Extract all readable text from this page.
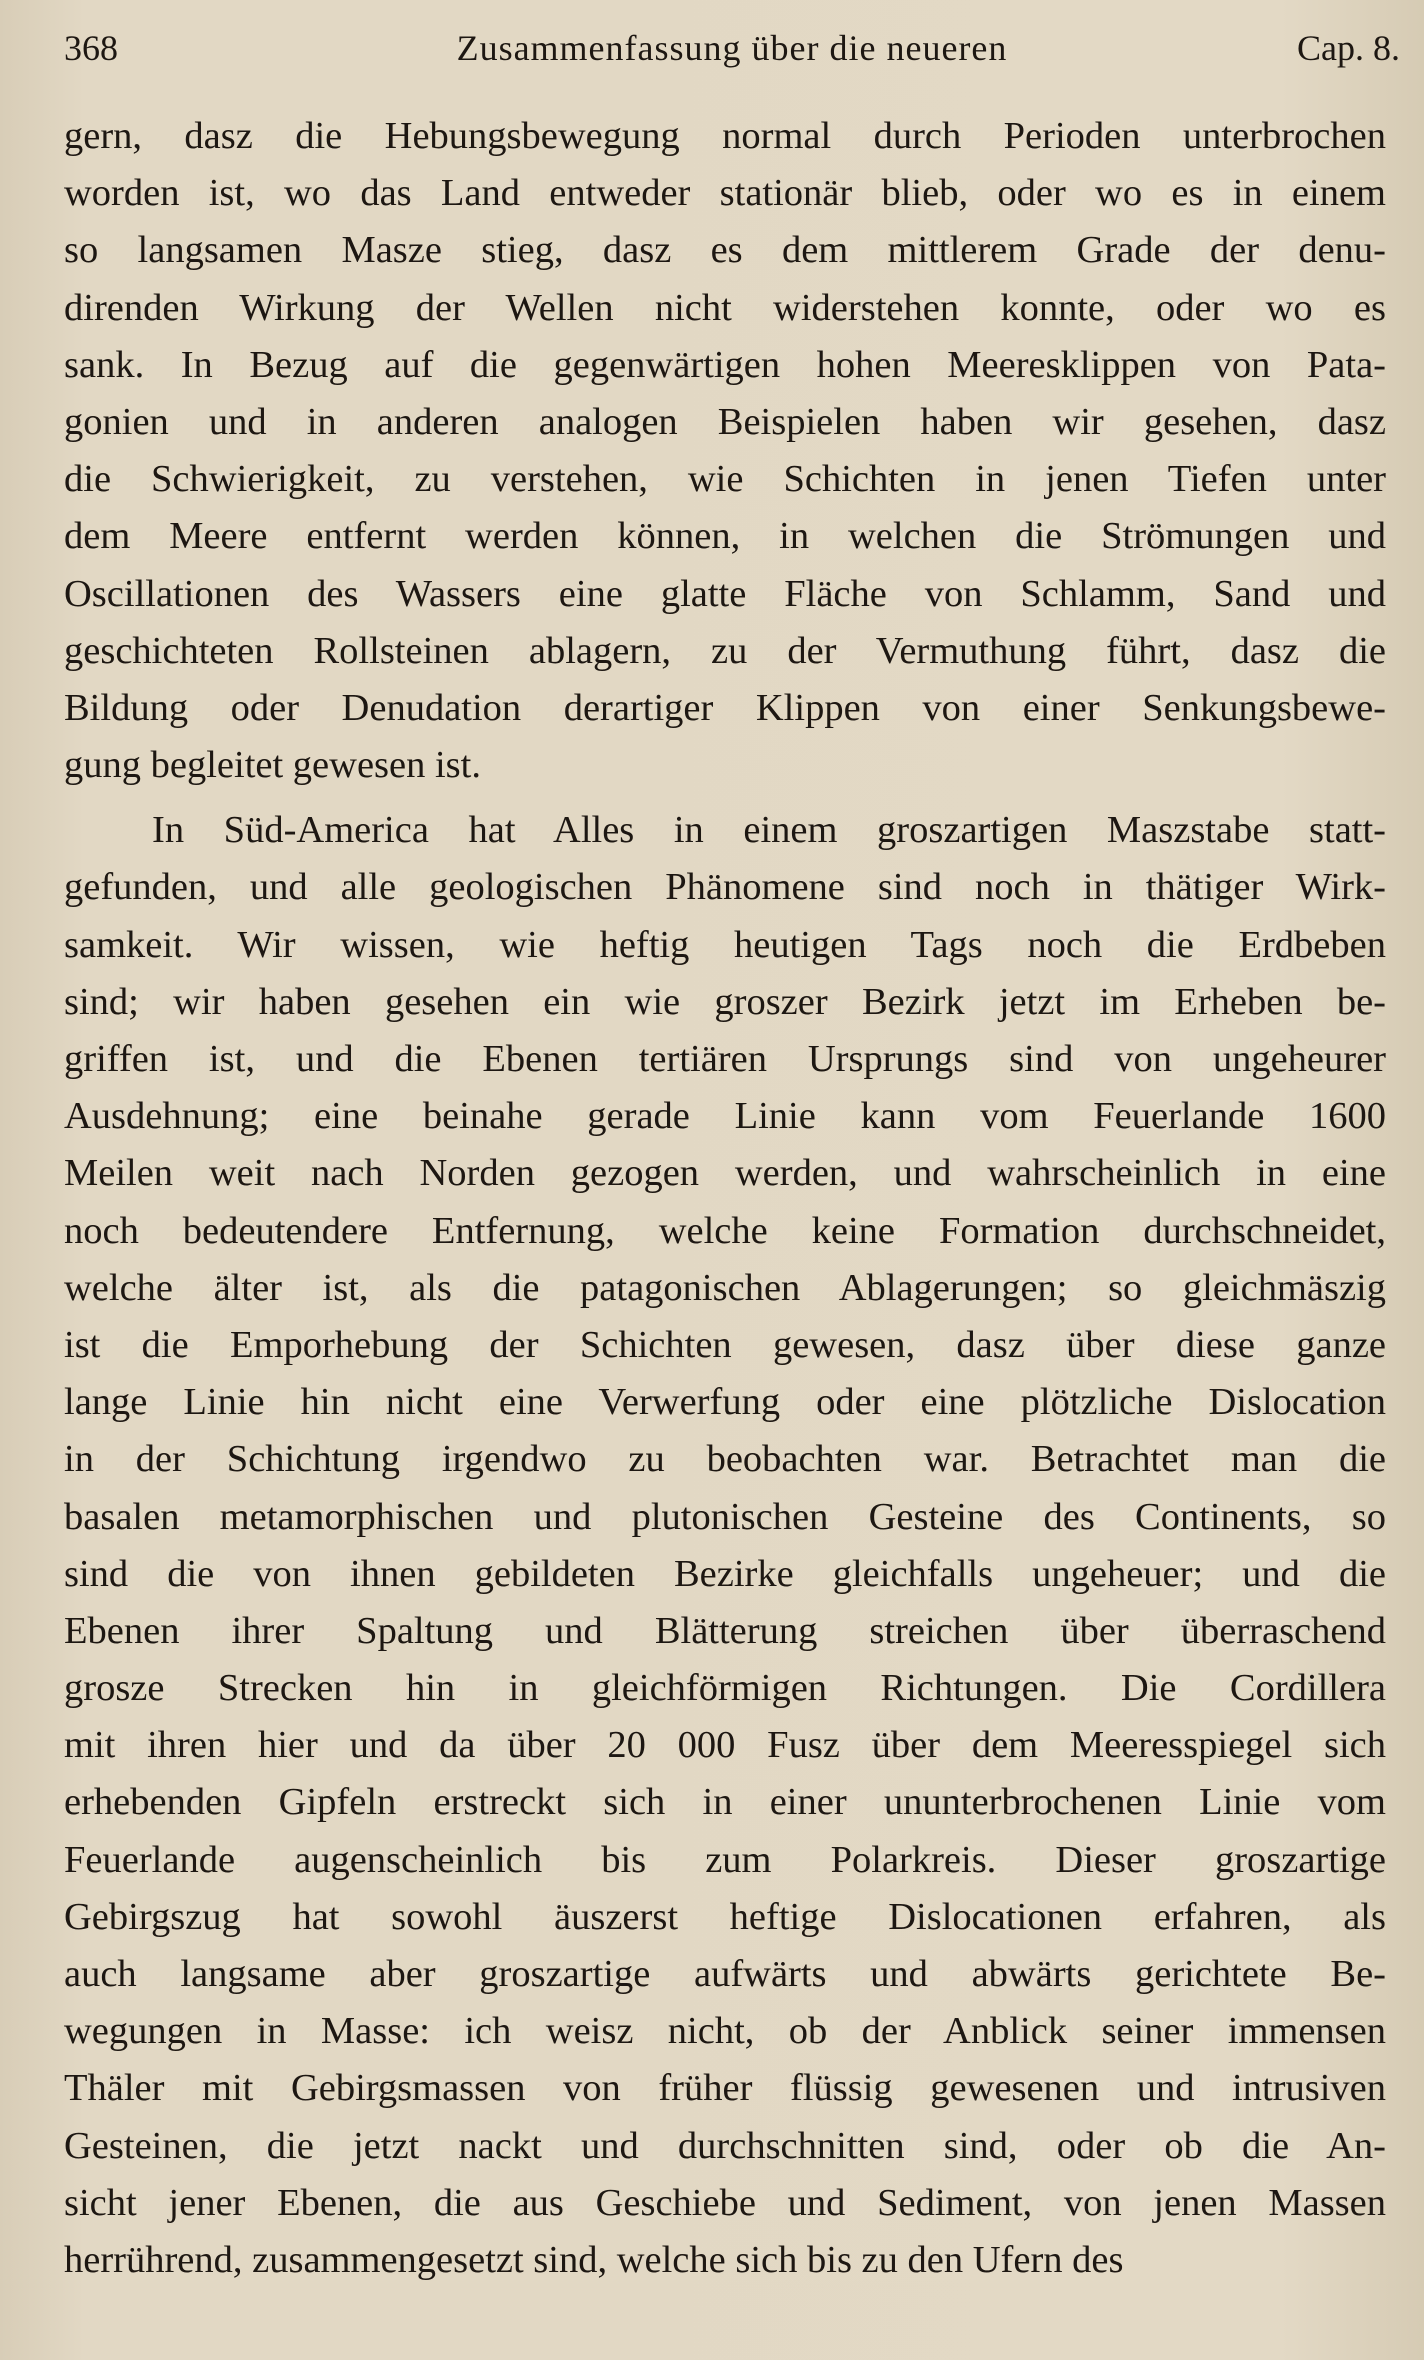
368	Zusammenfassung über die neueren	Cap. 8.
gern, dasz die Hebungsbewegung normal durch Perioden unterbrochen
worden ist, wo das Land entweder stationär blieb, oder wo es in einem
so langsamen Masze stieg, dasz es dem mittlerem Grade der denu-
direnden Wirkung der Wellen nicht widerstehen konnte, oder wo es
sank. In Bezug auf die gegenwärtigen hohen Meeresklippen von Pata-
gonien und in anderen analogen Beispielen haben wir gesehen, dasz
die Schwierigkeit, zu verstehen, wie Schichten in jenen Tiefen unter
dem Meere entfernt werden können, in welchen die Strömungen und
Oscillationen des Wassers eine glatte Fläche von Schlamm, Sand und
geschichteten Rollsteinen ablagern, zu der Vermuthung führt, dasz die
Bildung oder Denudation derartiger Klippen von einer Senkungsbewe-
gung begleitet gewesen ist.
In Süd-America hat Alles in einem groszartigen Maszstabe statt-
gefunden, und alle geologischen Phänomene sind noch in thätiger Wirk-
samkeit. Wir wissen, wie heftig heutigen Tags noch die Erdbeben
sind; wir haben gesehen ein wie groszer Bezirk jetzt im Erheben be-
griffen ist, und die Ebenen tertiären Ursprungs sind von ungeheurer
Ausdehnung; eine beinahe gerade Linie kann vom Feuerlande 1600
Meilen weit nach Norden gezogen werden, und wahrscheinlich in eine
noch bedeutendere Entfernung, welche keine Formation durchschneidet,
welche älter ist, als die patagonischen Ablagerungen; so gleichmäszig
ist die Emporhebung der Schichten gewesen, dasz über diese ganze
lange Linie hin nicht eine Verwerfung oder eine plötzliche Dislocation
in der Schichtung irgendwo zu beobachten war. Betrachtet man die
basalen metamorphischen und plutonischen Gesteine des Continents, so
sind die von ihnen gebildeten Bezirke gleichfalls ungeheuer; und die
Ebenen ihrer Spaltung und Blätterung streichen über überraschend
grosze Strecken hin in gleichförmigen Richtungen. Die Cordillera
mit ihren hier und da über 20 000 Fusz über dem Meeresspiegel sich
erhebenden Gipfeln erstreckt sich in einer ununterbrochenen Linie vom
Feuerlande augenscheinlich bis zum Polarkreis. Dieser groszartige
Gebirgszug hat sowohl äuszerst heftige Dislocationen erfahren, als
auch langsame aber groszartige aufwärts und abwärts gerichtete Be-
wegungen in Masse: ich weisz nicht, ob der Anblick seiner immensen
Thäler mit Gebirgsmassen von früher flüssig gewesenen und intrusiven
Gesteinen, die jetzt nackt und durchschnitten sind, oder ob die An-
sicht jener Ebenen, die aus Geschiebe und Sediment, von jenen Massen
herrührend, zusammengesetzt sind, welche sich bis zu den Ufern des
